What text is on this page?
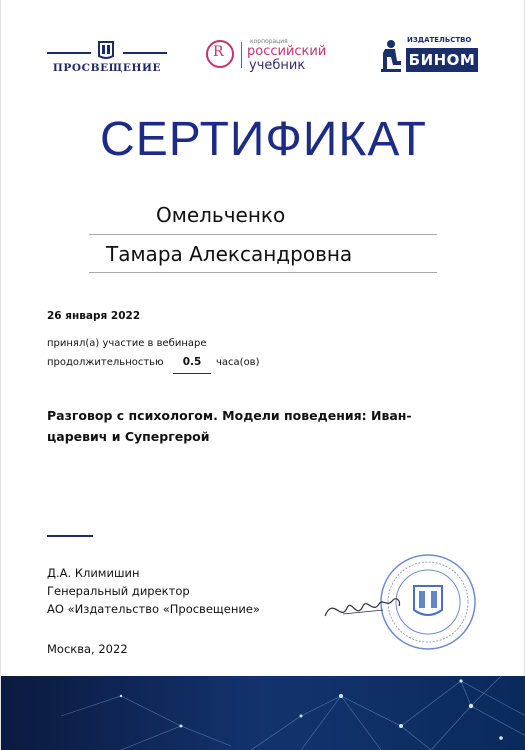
ПРОСВЕЩЕНИЕ
R
корпорация
российский
учебник
ИЗДАТЕЛЬСТВО
БИНОМ
СЕРТИФИКАТ
Омельченко
Тамара Александровна
26 января 2022
принял(а) участие в вебинаре
продолжительностью	0.5	часа(ов)
Разговор с психологом. Модели поведения: Иван-царевич и Супергерой
Д.А. Климишин
Генеральный директор
АО «Издательство «Просвещение»
Москва, 2022
